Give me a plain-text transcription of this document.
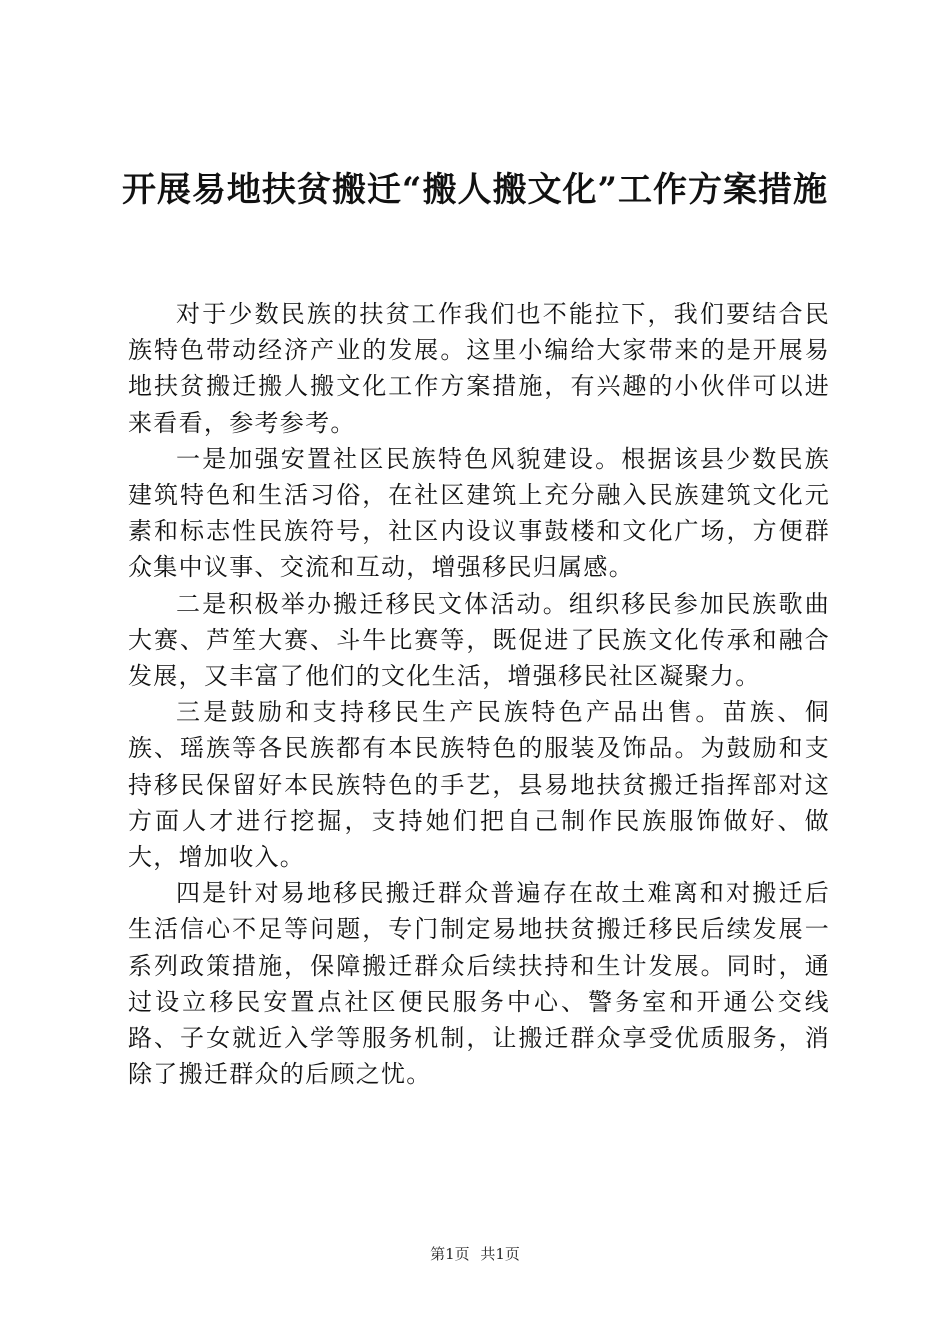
开展易地扶贫搬迁“搬人搬文化”工作方案措施

对于少数民族的扶贫工作我们也不能拉下，我们要结合民族特色带动经济产业的发展。这里小编给大家带来的是开展易地扶贫搬迁搬人搬文化工作方案措施，有兴趣的小伙伴可以进来看看，参考参考。

一是加强安置社区民族特色风貌建设。根据该县少数民族建筑特色和生活习俗，在社区建筑上充分融入民族建筑文化元素和标志性民族符号，社区内设议事鼓楼和文化广场，方便群众集中议事、交流和互动，增强移民归属感。

二是积极举办搬迁移民文体活动。组织移民参加民族歌曲大赛、芦笙大赛、斗牛比赛等，既促进了民族文化传承和融合发展，又丰富了他们的文化生活，增强移民社区凝聚力。

三是鼓励和支持移民生产民族特色产品出售。苗族、侗族、瑶族等各民族都有本民族特色的服装及饰品。为鼓励和支持移民保留好本民族特色的手艺，县易地扶贫搬迁指挥部对这方面人才进行挖掘，支持她们把自己制作民族服饰做好、做大，增加收入。

四是针对易地移民搬迁群众普遍存在故土难离和对搬迁后生活信心不足等问题，专门制定易地扶贫搬迁移民后续发展一系列政策措施，保障搬迁群众后续扶持和生计发展。同时，通过设立移民安置点社区便民服务中心、警务室和开通公交线路、子女就近入学等服务机制，让搬迁群众享受优质服务，消除了搬迁群众的后顾之忧。

第1页 共1页
